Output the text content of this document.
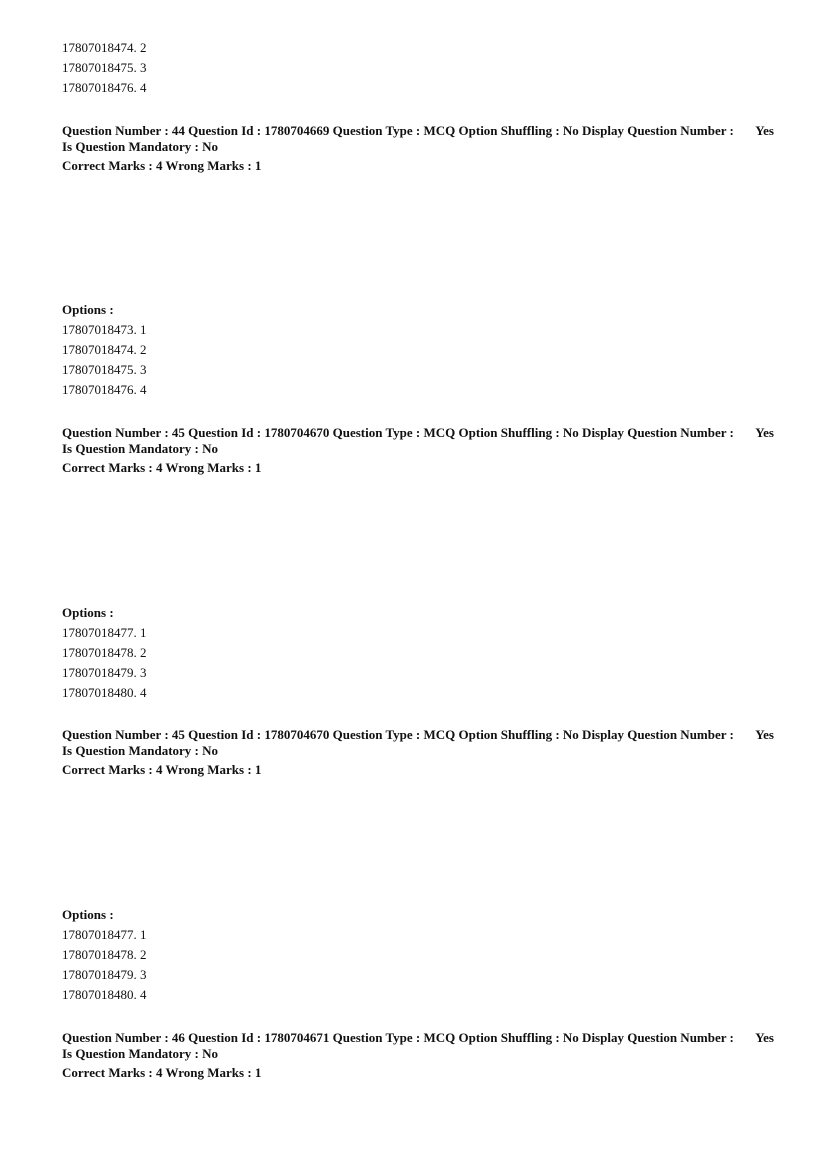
17807018474. 2
17807018475. 3
17807018476. 4
Question Number : 44 Question Id : 1780704669 Question Type : MCQ Option Shuffling : No Display Question Number : Yes
Is Question Mandatory : No
Correct Marks : 4 Wrong Marks : 1
Options :
17807018473. 1
17807018474. 2
17807018475. 3
17807018476. 4
Question Number : 45 Question Id : 1780704670 Question Type : MCQ Option Shuffling : No Display Question Number : Yes
Is Question Mandatory : No
Correct Marks : 4 Wrong Marks : 1
Options :
17807018477. 1
17807018478. 2
17807018479. 3
17807018480. 4
Question Number : 45 Question Id : 1780704670 Question Type : MCQ Option Shuffling : No Display Question Number : Yes
Is Question Mandatory : No
Correct Marks : 4 Wrong Marks : 1
Options :
17807018477. 1
17807018478. 2
17807018479. 3
17807018480. 4
Question Number : 46 Question Id : 1780704671 Question Type : MCQ Option Shuffling : No Display Question Number : Yes
Is Question Mandatory : No
Correct Marks : 4 Wrong Marks : 1
